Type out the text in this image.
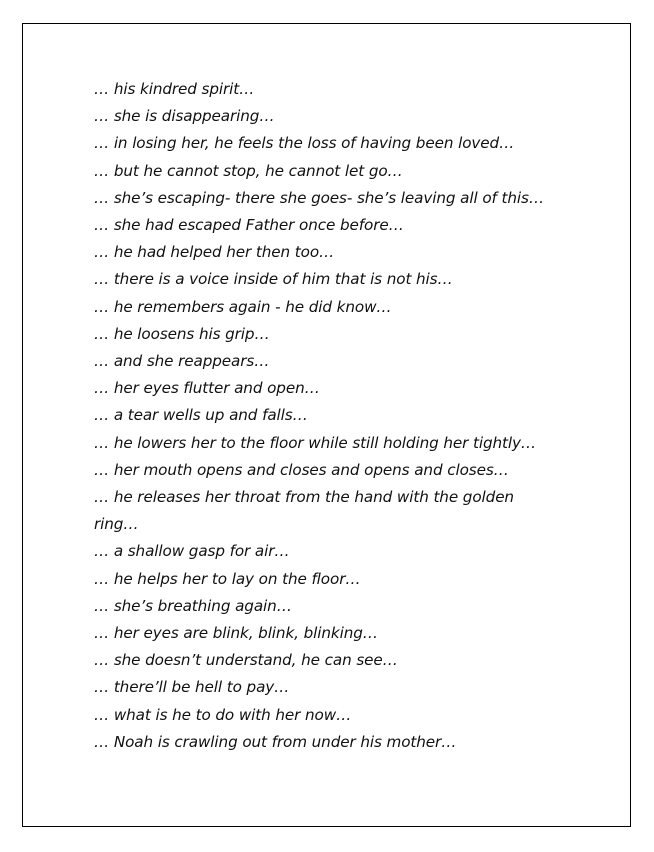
… his kindred spirit…
… she is disappearing…
… in losing her, he feels the loss of having been loved…
… but he cannot stop, he cannot let go…
… she’s escaping- there she goes- she’s leaving all of this…
… she had escaped Father once before…
… he had helped her then too…
… there is a voice inside of him that is not his…
… he remembers again - he did know…
… he loosens his grip…
… and she reappears…
… her eyes flutter and open…
… a tear wells up and falls…
… he lowers her to the floor while still holding her tightly…
… her mouth opens and closes and opens and closes…
… he releases her throat from the hand with the golden ring…
… a shallow gasp for air…
… he helps her to lay on the floor…
… she’s breathing again…
… her eyes are blink, blink, blinking…
… she doesn’t understand, he can see…
… there’ll be hell to pay…
… what is he to do with her now…
… Noah is crawling out from under his mother…
